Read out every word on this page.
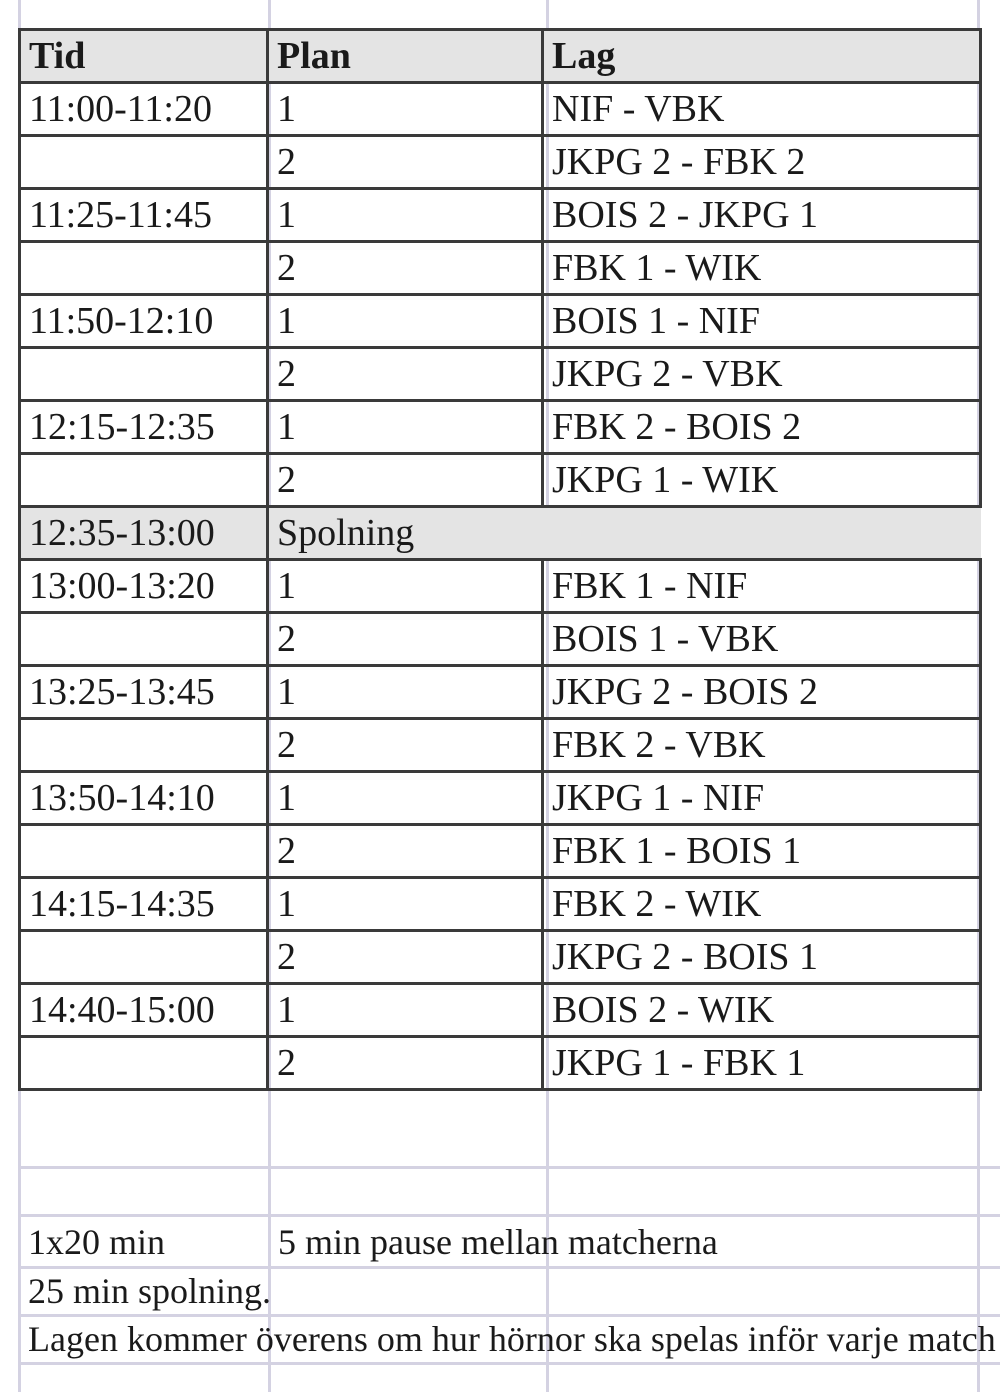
Tid	Plan	Lag
11:00-11:20	1	NIF - VBK
	2	JKPG 2 - FBK 2
11:25-11:45	1	BOIS 2 - JKPG 1
	2	FBK 1 - WIK
11:50-12:10	1	BOIS 1 - NIF
	2	JKPG 2 - VBK
12:15-12:35	1	FBK 2 - BOIS 2
	2	JKPG 1 - WIK
12:35-13:00	Spolning	
13:00-13:20	1	FBK 1 - NIF
	2	BOIS 1 - VBK
13:25-13:45	1	JKPG 2 - BOIS 2
	2	FBK 2 - VBK
13:50-14:10	1	JKPG 1 - NIF
	2	FBK 1 - BOIS 1
14:15-14:35	1	FBK 2 - WIK
	2	JKPG 2 - BOIS 1
14:40-15:00	1	BOIS 2 - WIK
	2	JKPG 1 - FBK 1
1x20 min	5 min pause mellan matcherna
25 min spolning.
Lagen kommer överens om hur hörnor ska spelas inför varje match
